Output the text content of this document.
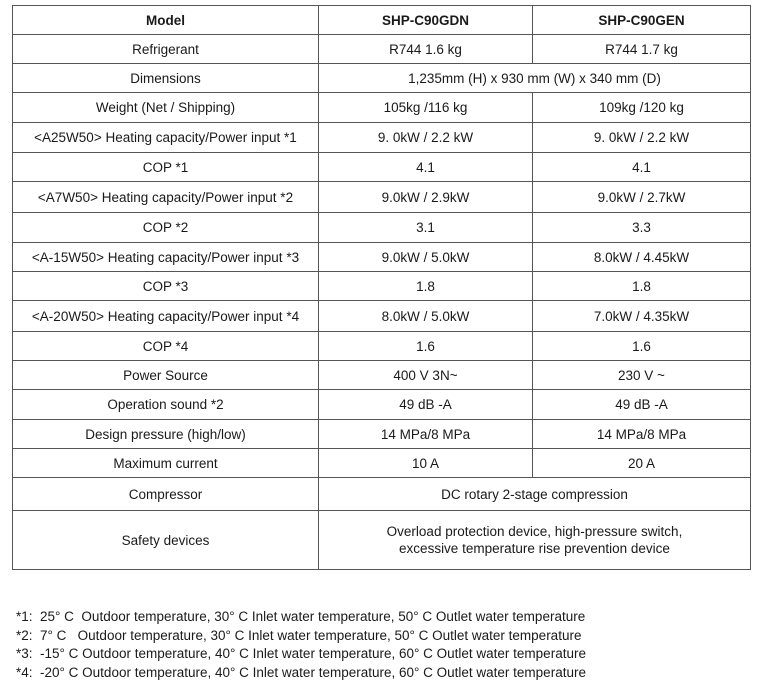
Model	SHP-C90GDN	SHP-C90GEN
Refrigerant	R744 1.6 kg	R744 1.7 kg
Dimensions	1,235mm (H) x 930 mm (W) x 340 mm (D)	
Weight (Net / Shipping)	105kg /116 kg	109kg /120 kg
<A25W50> Heating capacity/Power input *1	9. 0kW / 2.2 kW	9. 0kW / 2.2 kW
COP *1	4.1	4.1
<A7W50> Heating capacity/Power input *2	9.0kW / 2.9kW	9.0kW / 2.7kW
COP *2	3.1	3.3
<A-15W50> Heating capacity/Power input *3	9.0kW / 5.0kW	8.0kW / 4.45kW
COP *3	1.8	1.8
<A-20W50> Heating capacity/Power input *4	8.0kW / 5.0kW	7.0kW / 4.35kW
COP *4	1.6	1.6
Power Source	400 V 3N~	230 V ~
Operation sound *2	49 dB -A	49 dB -A
Design pressure (high/low)	14 MPa/8 MPa	14 MPa/8 MPa
Maximum current	10 A	20 A
Compressor	DC rotary 2-stage compression	
Safety devices	Overload protection device, high-pressure switch,
excessive temperature rise prevention device	
*1:  25° C  Outdoor temperature, 30° C Inlet water temperature, 50° C Outlet water temperature
*2:  7° C   Outdoor temperature, 30° C Inlet water temperature, 50° C Outlet water temperature
*3:  -15° C Outdoor temperature, 40° C Inlet water temperature, 60° C Outlet water temperature
*4:  -20° C Outdoor temperature, 40° C Inlet water temperature, 60° C Outlet water temperature
